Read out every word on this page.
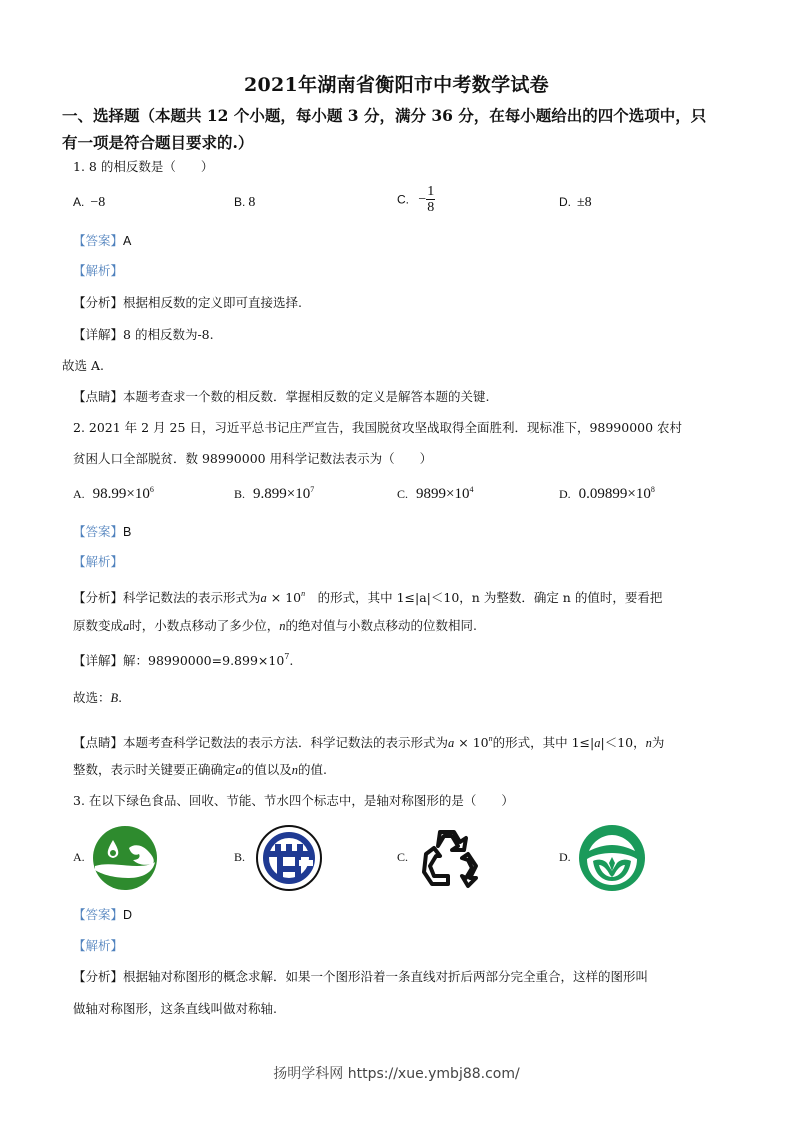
2021年湖南省衡阳市中考数学试卷
一、选择题（本题共 12 个小题，每小题 3 分，满分 36 分，在每小题给出的四个选项中，只
有一项是符合题目要求的.）
1. 8 的相反数是（　　）
A. −8	B. 8	C. − $\frac{1}{8}$	D. ±8
【答案】A
【解析】
【分析】根据相反数的定义即可直接选择.
【详解】8 的相反数为-8.
故选 A.
【点睛】本题考查求一个数的相反数．掌握相反数的定义是解答本题的关键.
2. 2021 年 2 月 25 日，习近平总书记庄严宣告，我国脱贫攻坚战取得全面胜利．现标准下，98990000 农村
贫困人口全部脱贫．数 98990000 用科学记数法表示为（　　）
A. $98.99\times 10^6$	B. $9.899\times 10^7$	C. $9899\times 10^4$	D. $0.09899\times 10^8$
【答案】B
【解析】
【分析】科学记数法的表示形式为$a \times 10^n$　的形式，其中 1≤|a|＜10，n 为整数．确定 n 的值时，要看把
原数变成a时，小数点移动了多少位，n的绝对值与小数点移动的位数相同.
【详解】解：$98990000=9.899\times 10^7$.
故选：B.
【点睛】本题考查科学记数法的表示方法．科学记数法的表示形式为$a \times 10^n$的形式，其中 1≤|a|＜10，n为
整数，表示时关键要正确确定a的值以及n的值.
3. 在以下绿色食品、回收、节能、节水四个标志中，是轴对称图形的是（　　）
A.	B.	C.	D.
【答案】D
【解析】
【分析】根据轴对称图形的概念求解．如果一个图形沿着一条直线对折后两部分完全重合，这样的图形叫
做轴对称图形，这条直线叫做对称轴.
扬明学科网 https://xue.ymbj88.com/
